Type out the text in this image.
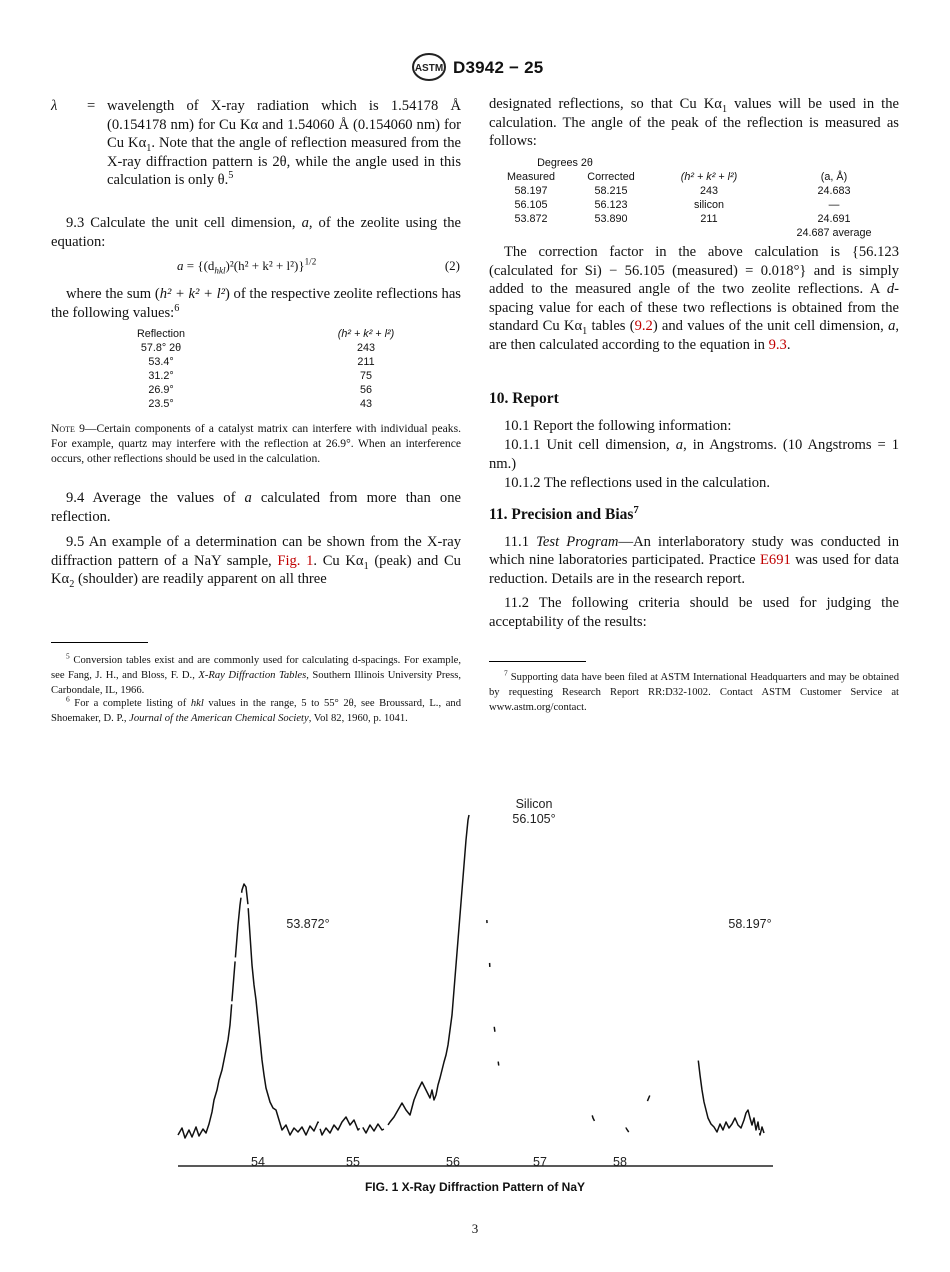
ASTM D3942 − 25
λ = wavelength of X-ray radiation which is 1.54178 Å (0.154178 nm) for Cu Kα and 1.54060 Å (0.154060 nm) for Cu $K\alpha_1$. Note that the angle of reflection measured from the X-ray diffraction pattern is 2θ, while the angle used in this calculation is only θ.$^5$

9.3 Calculate the unit cell dimension, a, of the zeolite using the equation:

$a = \{(d_{hkl})^2(h^2 + k^2 + l^2)\}^{1/2}$	(2)

where the sum (h² + k² + l²) of the respective zeolite reflections has the following values:$^6$

Reflection	(h² + k² + l²)
57.8° 2θ	243
53.4°	211
31.2°	75
26.9°	56
23.5°	43
Note 9—Certain components of a catalyst matrix can interfere with individual peaks. For example, quartz may interfere with the reflection at 26.9°. When an interference occurs, other reflections should be used in the calculation.

9.4 Average the values of a calculated from more than one reflection.

9.5 An example of a determination can be shown from the X-ray diffraction pattern of a NaY sample, Fig. 1. Cu $K\alpha_1$ (peak) and Cu $K\alpha_2$ (shoulder) are readily apparent on all three

$^5$ Conversion tables exist and are commonly used for calculating d-spacings. For example, see Fang, J. H., and Bloss, F. D., X-Ray Diffraction Tables, Southern Illinois University Press, Carbondale, IL, 1966.

$^6$ For a complete listing of hkl values in the range, 5 to 55° 2θ, see Broussard, L., and Shoemaker, D. P., Journal of the American Chemical Society, Vol 82, 1960, p. 1041.

designated reflections, so that Cu $K\alpha_1$ values will be used in the calculation. The angle of the peak of the reflection is measured as follows:

Degrees 2θ
Measured	Corrected	(h² + k² + l²)	(a, Å)
58.197	58.215	243	24.683
56.105	56.123	silicon	—
53.872	53.890	211	24.691
24.687 average

The correction factor in the above calculation is {56.123 (calculated for Si) − 56.105 (measured) = 0.018°} and is simply added to the measured angle of the two zeolite reflections. A d-spacing value for each of these two reflections is obtained from the standard Cu $K\alpha_1$ tables (9.2) and values of the unit cell dimension, a, are then calculated according to the equation in 9.3.

10. Report

10.1 Report the following information:

10.1.1 Unit cell dimension, a, in Angstroms. (10 Angstroms = 1 nm.)

10.1.2 The reflections used in the calculation.

11. Precision and Bias$^7$

11.1 Test Program—An interlaboratory study was conducted in which nine laboratories participated. Practice E691 was used for data reduction. Details are in the research report.

11.2 The following criteria should be used for judging the acceptability of the results:

$^7$ Supporting data have been filed at ASTM International Headquarters and may be obtained by requesting Research Report RR:D32-1002. Contact ASTM Customer Service at www.astm.org/contact.

53.872°
Silicon
56.105°
58.197°
54	55	56	57	58
FIG. 1 X-Ray Diffraction Pattern of NaY
3
